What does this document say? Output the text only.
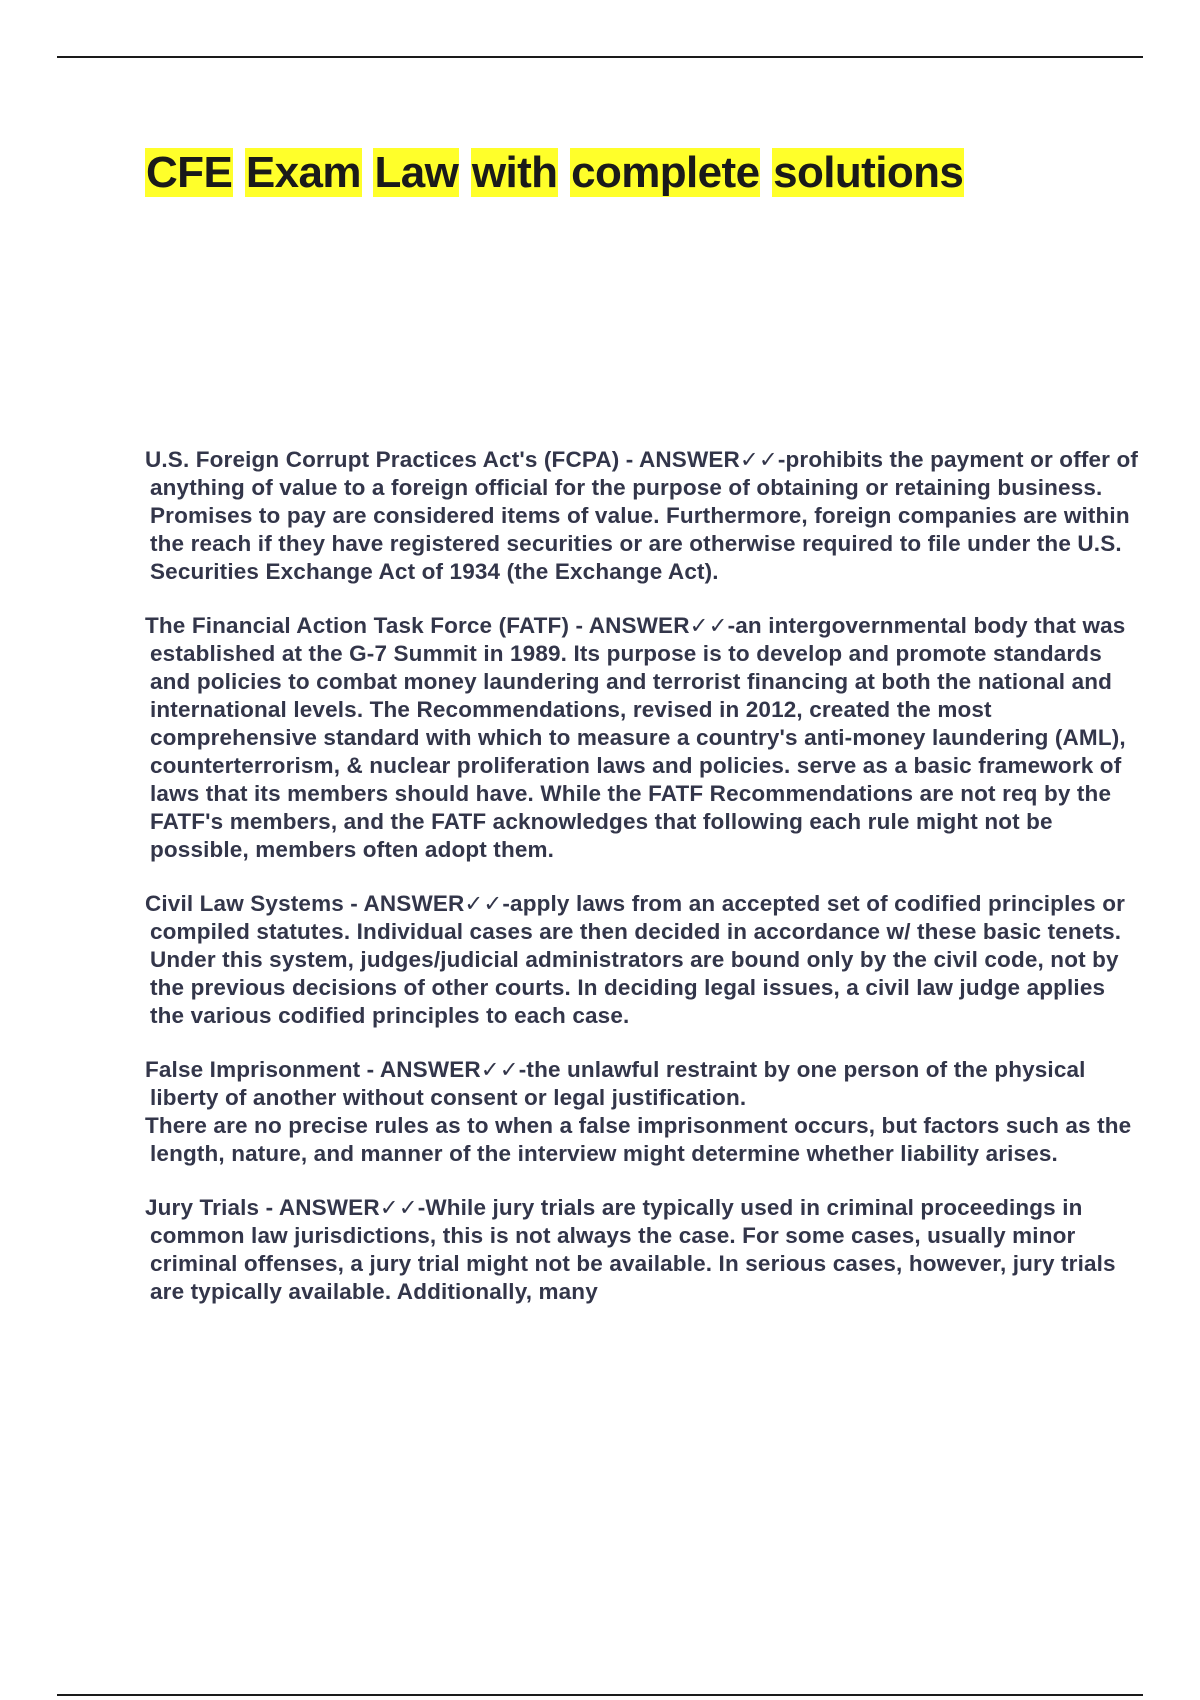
CFE Exam Law with complete solutions

U.S. Foreign Corrupt Practices Act's (FCPA) - ANSWER✓✓-prohibits the payment or offer of anything of value to a foreign official for the purpose of obtaining or retaining business. Promises to pay are considered items of value. Furthermore, foreign companies are within the reach if they have registered securities or are otherwise required to file under the U.S. Securities Exchange Act of 1934 (the Exchange Act).

The Financial Action Task Force (FATF) - ANSWER✓✓-an intergovernmental body that was established at the G-7 Summit in 1989. Its purpose is to develop and promote standards and policies to combat money laundering and terrorist financing at both the national and international levels. The Recommendations, revised in 2012, created the most comprehensive standard with which to measure a country's anti-money laundering (AML), counterterrorism, & nuclear proliferation laws and policies. serve as a basic framework of laws that its members should have. While the FATF Recommendations are not req by the FATF's members, and the FATF acknowledges that following each rule might not be possible, members often adopt them.

Civil Law Systems - ANSWER✓✓-apply laws from an accepted set of codified principles or compiled statutes. Individual cases are then decided in accordance w/ these basic tenets. Under this system, judges/judicial administrators are bound only by the civil code, not by the previous decisions of other courts. In deciding legal issues, a civil law judge applies the various codified principles to each case.

False Imprisonment - ANSWER✓✓-the unlawful restraint by one person of the physical liberty of another without consent or legal justification.
There are no precise rules as to when a false imprisonment occurs, but factors such as the length, nature, and manner of the interview might determine whether liability arises.

Jury Trials - ANSWER✓✓-While jury trials are typically used in criminal proceedings in common law jurisdictions, this is not always the case. For some cases, usually minor criminal offenses, a jury trial might not be available. In serious cases, however, jury trials are typically available. Additionally, many
